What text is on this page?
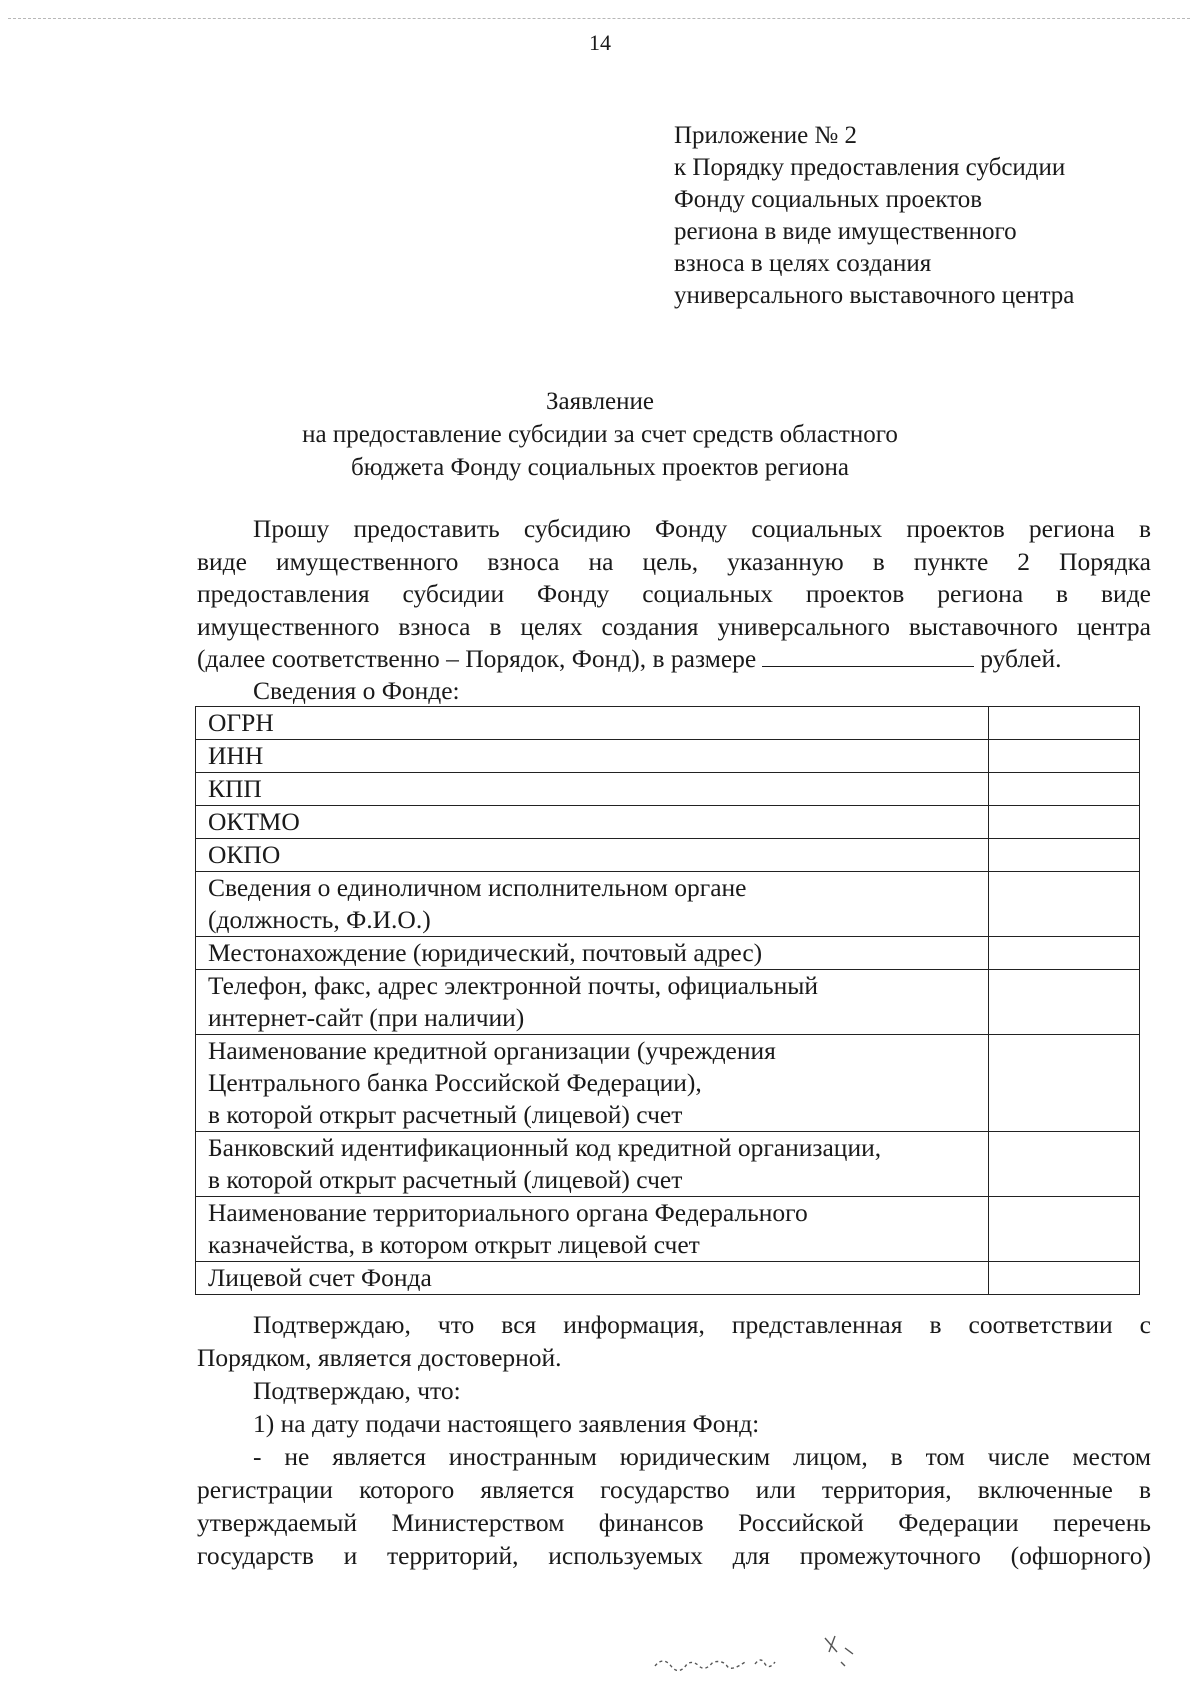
14
Приложение № 2
к Порядку предоставления субсидии
Фонду социальных проектов
региона в виде имущественного
взноса в целях создания
универсального выставочного центра
Заявление
на предоставление субсидии за счет средств областного
бюджета Фонду социальных проектов региона
Прошу предоставить субсидию Фонду социальных проектов региона в
виде имущественного взноса на цель, указанную в пункте 2 Порядка
предоставления субсидии Фонду социальных проектов региона в виде
имущественного взноса в целях создания универсального выставочного центра
(далее соответственно – Порядок, Фонд), в размере	рублей.
Сведения о Фонде:
ОГРН	

ИНН	

КПП	

ОКТМО	

ОКПО	

Сведения о единоличном исполнительном органе
(должность, Ф.И.О.)	

Местонахождение (юридический, почтовый адрес)	

Телефон, факс, адрес электронной почты, официальный
интернет-сайт (при наличии)	

Наименование кредитной организации (учреждения
Центрального банка Российской Федерации),
в которой открыт расчетный (лицевой) счет	

Банковский идентификационный код кредитной организации,
в которой открыт расчетный (лицевой) счет	

Наименование территориального органа Федерального
казначейства, в котором открыт лицевой счет	

Лицевой счет Фонда	

Подтверждаю, что вся информация, представленная в соответствии с

Порядком, является достоверной.

Подтверждаю, что:

1) на дату подачи настоящего заявления Фонд:

- не является иностранным юридическим лицом, в том числе местом

регистрации которого является государство или территория, включенные в

утверждаемый Министерством финансов Российской Федерации перечень

государств и территорий, используемых для промежуточного (офшорного)
